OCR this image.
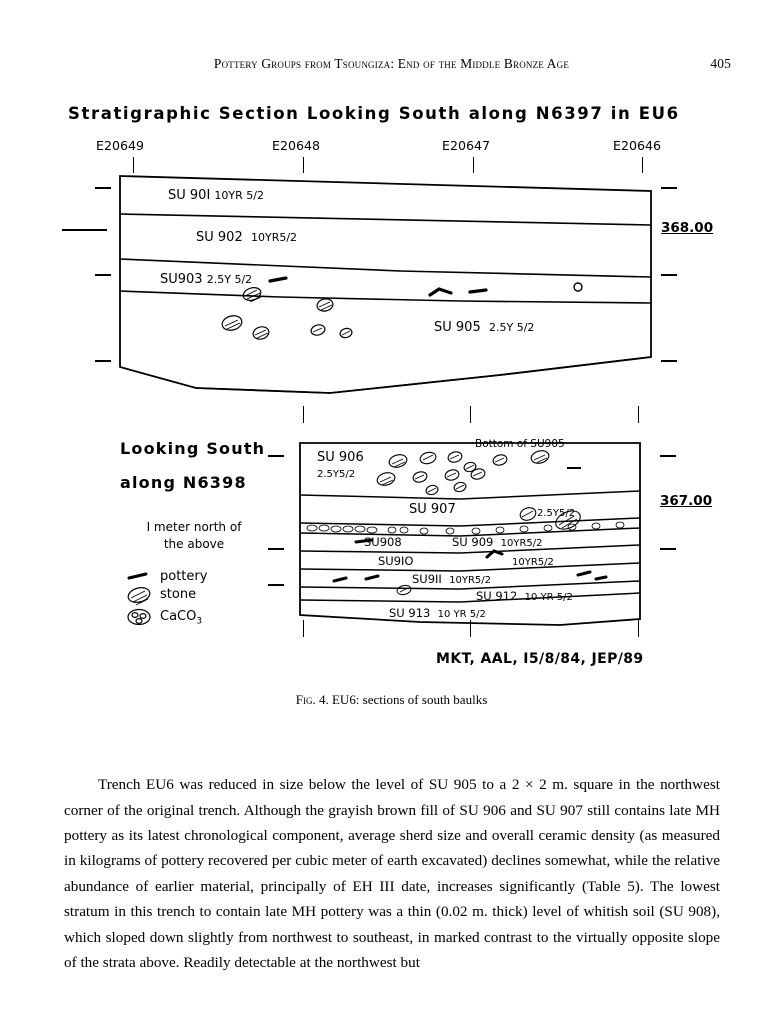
Pottery Groups from Tsoungiza: End of the Middle Bronze Age	405
Stratigraphic Section Looking South along N6397 in EU6
E20649	E20648	E20647	E20646
368.00
SU 90I 10YR 5/2
SU 902 10YR5/2
SU903 2.5Y 5/2
SU 905 2.5Y 5/2
367.00
Looking South
along N6398
I meter north of
the above
Bottom of SU905
SU 906
2.5Y5/2
SU 907	2.5Y5/2
SU908	SU 909 10YR5/2
SU9IO	10YR5/2
SU9II 10YR5/2
SU 912 10 YR 5/2
SU 913 10 YR 5/2
pottery
stone
CaCO$_3$
MKT, AAL, I5/8/84, JEP/89
Fig. 4. EU6: sections of south baulks

Trench EU6 was reduced in size below the level of SU 905 to a 2 × 2 m. square in the northwest corner of the original trench. Although the grayish brown fill of SU 906 and SU 907 still contains late MH pottery as its latest chronological component, average sherd size and overall ceramic density (as measured in kilograms of pottery recovered per cubic meter of earth excavated) declines somewhat, while the relative abundance of earlier material, principally of EH III date, increases significantly (Table 5). The lowest stratum in this trench to contain late MH pottery was a thin (0.02 m. thick) level of whitish soil (SU 908), which sloped down slightly from northwest to southeast, in marked contrast to the virtually opposite slope of the strata above. Readily detectable at the northwest but
